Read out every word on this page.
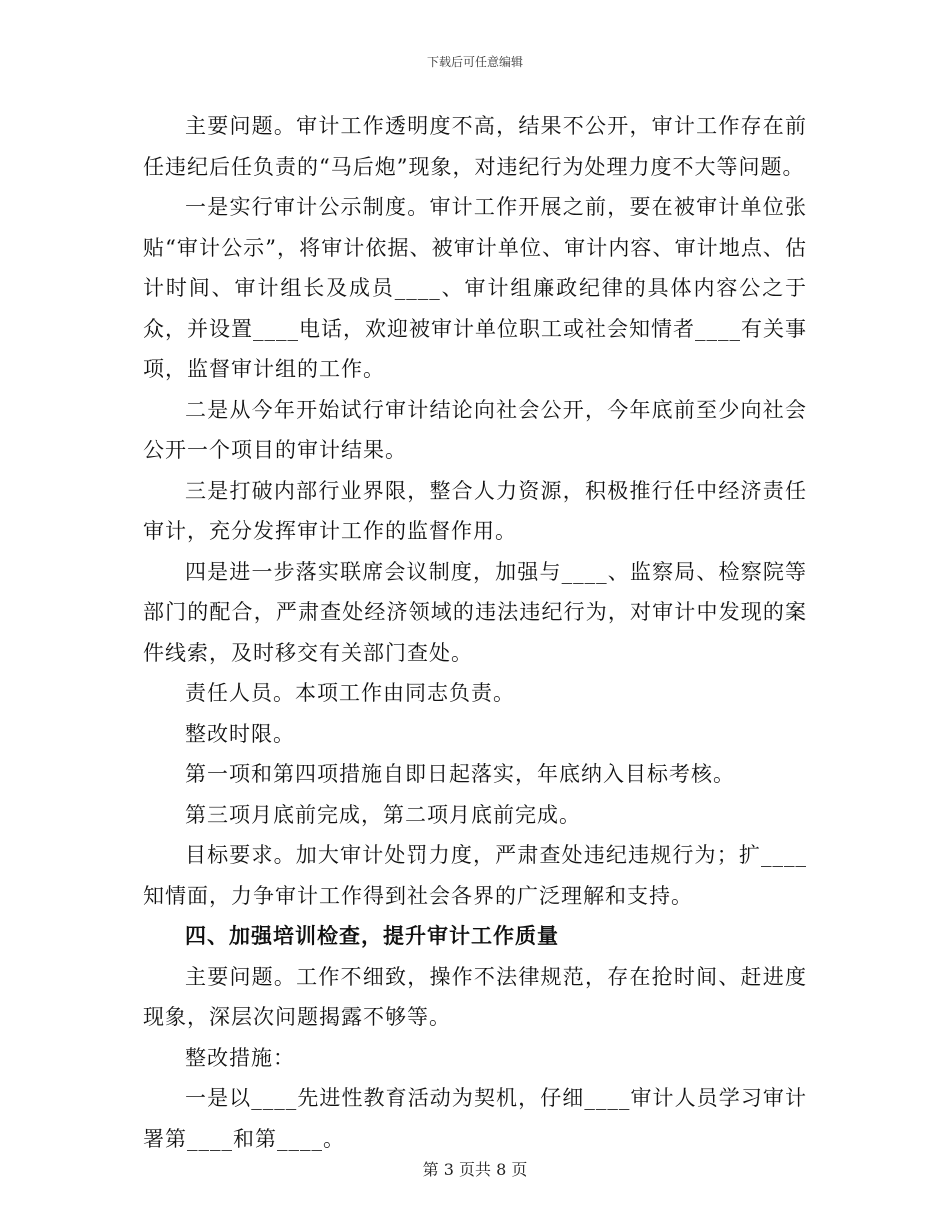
下载后可任意编辑

主要问题。审计工作透明度不高，结果不公开，审计工作存在前任违纪后任负责的“马后炮”现象，对违纪行为处理力度不大等问题。

一是实行审计公示制度。审计工作开展之前，要在被审计单位张贴“审计公示”，将审计依据、被审计单位、审计内容、审计地点、估计时间、审计组长及成员____、审计组廉政纪律的具体内容公之于众，并设置____电话，欢迎被审计单位职工或社会知情者____有关事项，监督审计组的工作。

二是从今年开始试行审计结论向社会公开，今年底前至少向社会公开一个项目的审计结果。

三是打破内部行业界限，整合人力资源，积极推行任中经济责任审计，充分发挥审计工作的监督作用。

四是进一步落实联席会议制度，加强与____、监察局、检察院等部门的配合，严肃查处经济领域的违法违纪行为，对审计中发现的案件线索，及时移交有关部门查处。

责任人员。本项工作由同志负责。

整改时限。

第一项和第四项措施自即日起落实，年底纳入目标考核。

第三项月底前完成，第二项月底前完成。

目标要求。加大审计处罚力度，严肃查处违纪违规行为；扩____知情面，力争审计工作得到社会各界的广泛理解和支持。

四、加强培训检查，提升审计工作质量

主要问题。工作不细致，操作不法律规范，存在抢时间、赶进度现象，深层次问题揭露不够等。

整改措施：

一是以____先进性教育活动为契机，仔细____审计人员学习审计署第____和第____。

第 3 页共 8 页
